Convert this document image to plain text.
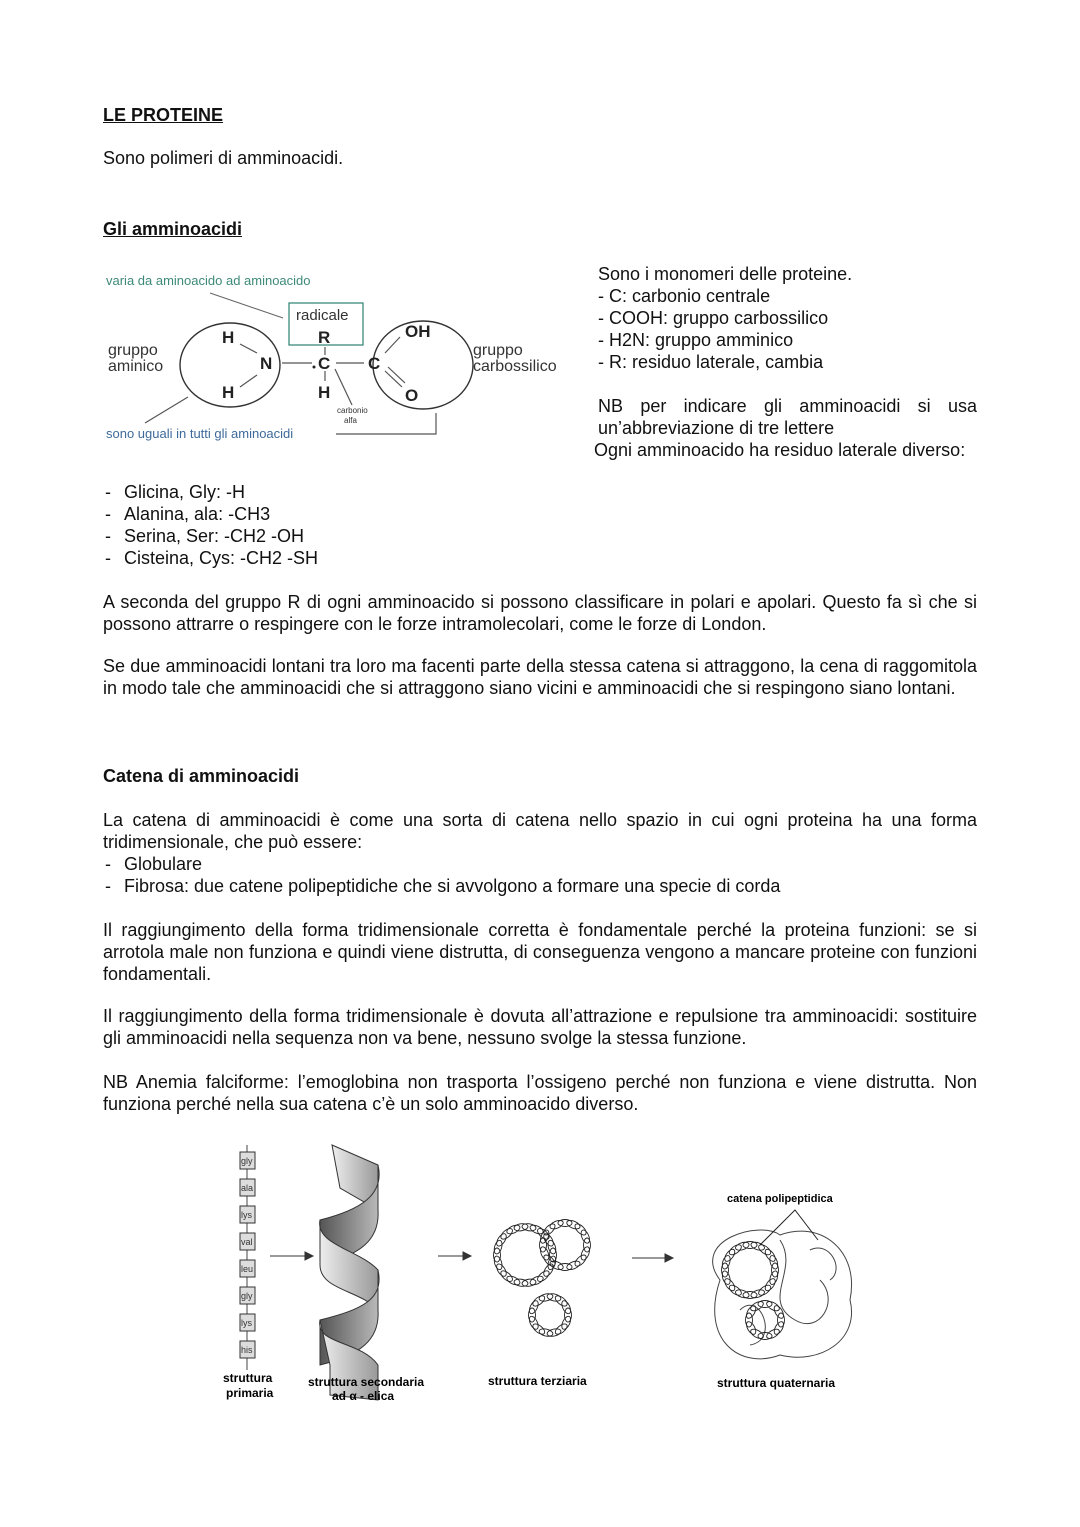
LE PROTEINE
Sono polimeri di amminoacidi.
Gli amminoacidi
varia da aminoacido ad aminoacido
radicale
gruppo
aminico
gruppo
carbossilico
H
N
H
R
C
H
C
OH
O
carbonio
alfa
sono uguali in tutti gli aminoacidi

Sono i monomeri delle proteine.

- C: carbonio centrale

- COOH: gruppo carbossilico

- H2N: gruppo amminico

- R: residuo laterale, cambia

NB per indicare gli amminoacidi si usa un’abbreviazione di tre lettere

Ogni amminoacido ha residuo laterale diverso:

- Glicina, Gly: -H

- Alanina, ala: -CH3

- Serina, Ser: -CH2 -OH

- Cisteina, Cys: -CH2 -SH

A seconda del gruppo R di ogni amminoacido si possono classificare in polari e apolari. Questo fa sì che si possono attrarre o respingere con le forze intramolecolari, come le forze di London.
Se due amminoacidi lontani tra loro ma facenti parte della stessa catena si attraggono, la cena di raggomitola in modo tale che amminoacidi che si attraggono siano vicini e amminoacidi che si respingono siano lontani.
Catena di amminoacidi

La catena di amminoacidi è come una sorta di catena nello spazio in cui ogni proteina ha una forma tridimensionale, che può essere:

- Globulare

- Fibrosa: due catene polipeptidiche che si avvolgono a formare una specie di corda

Il raggiungimento della forma tridimensionale corretta è fondamentale perché la proteina funzioni: se si arrotola male non funziona e quindi viene distrutta, di conseguenza vengono a mancare proteine con funzioni fondamentali.
Il raggiungimento della forma tridimensionale è dovuta all’attrazione e repulsione tra amminoacidi: sostituire gli amminoacidi nella sequenza non va bene, nessuno svolge la stessa funzione.
NB Anemia falciforme: l’emoglobina non trasporta l’ossigeno perché non funziona e viene distrutta. Non funziona perché nella sua catena c’è un solo amminoacido diverso.
gly
ala
lys
val
leu
gly
lys
his
struttura
primaria
struttura secondaria
ad α - elica
struttura terziaria
catena polipeptidica
struttura quaternaria
